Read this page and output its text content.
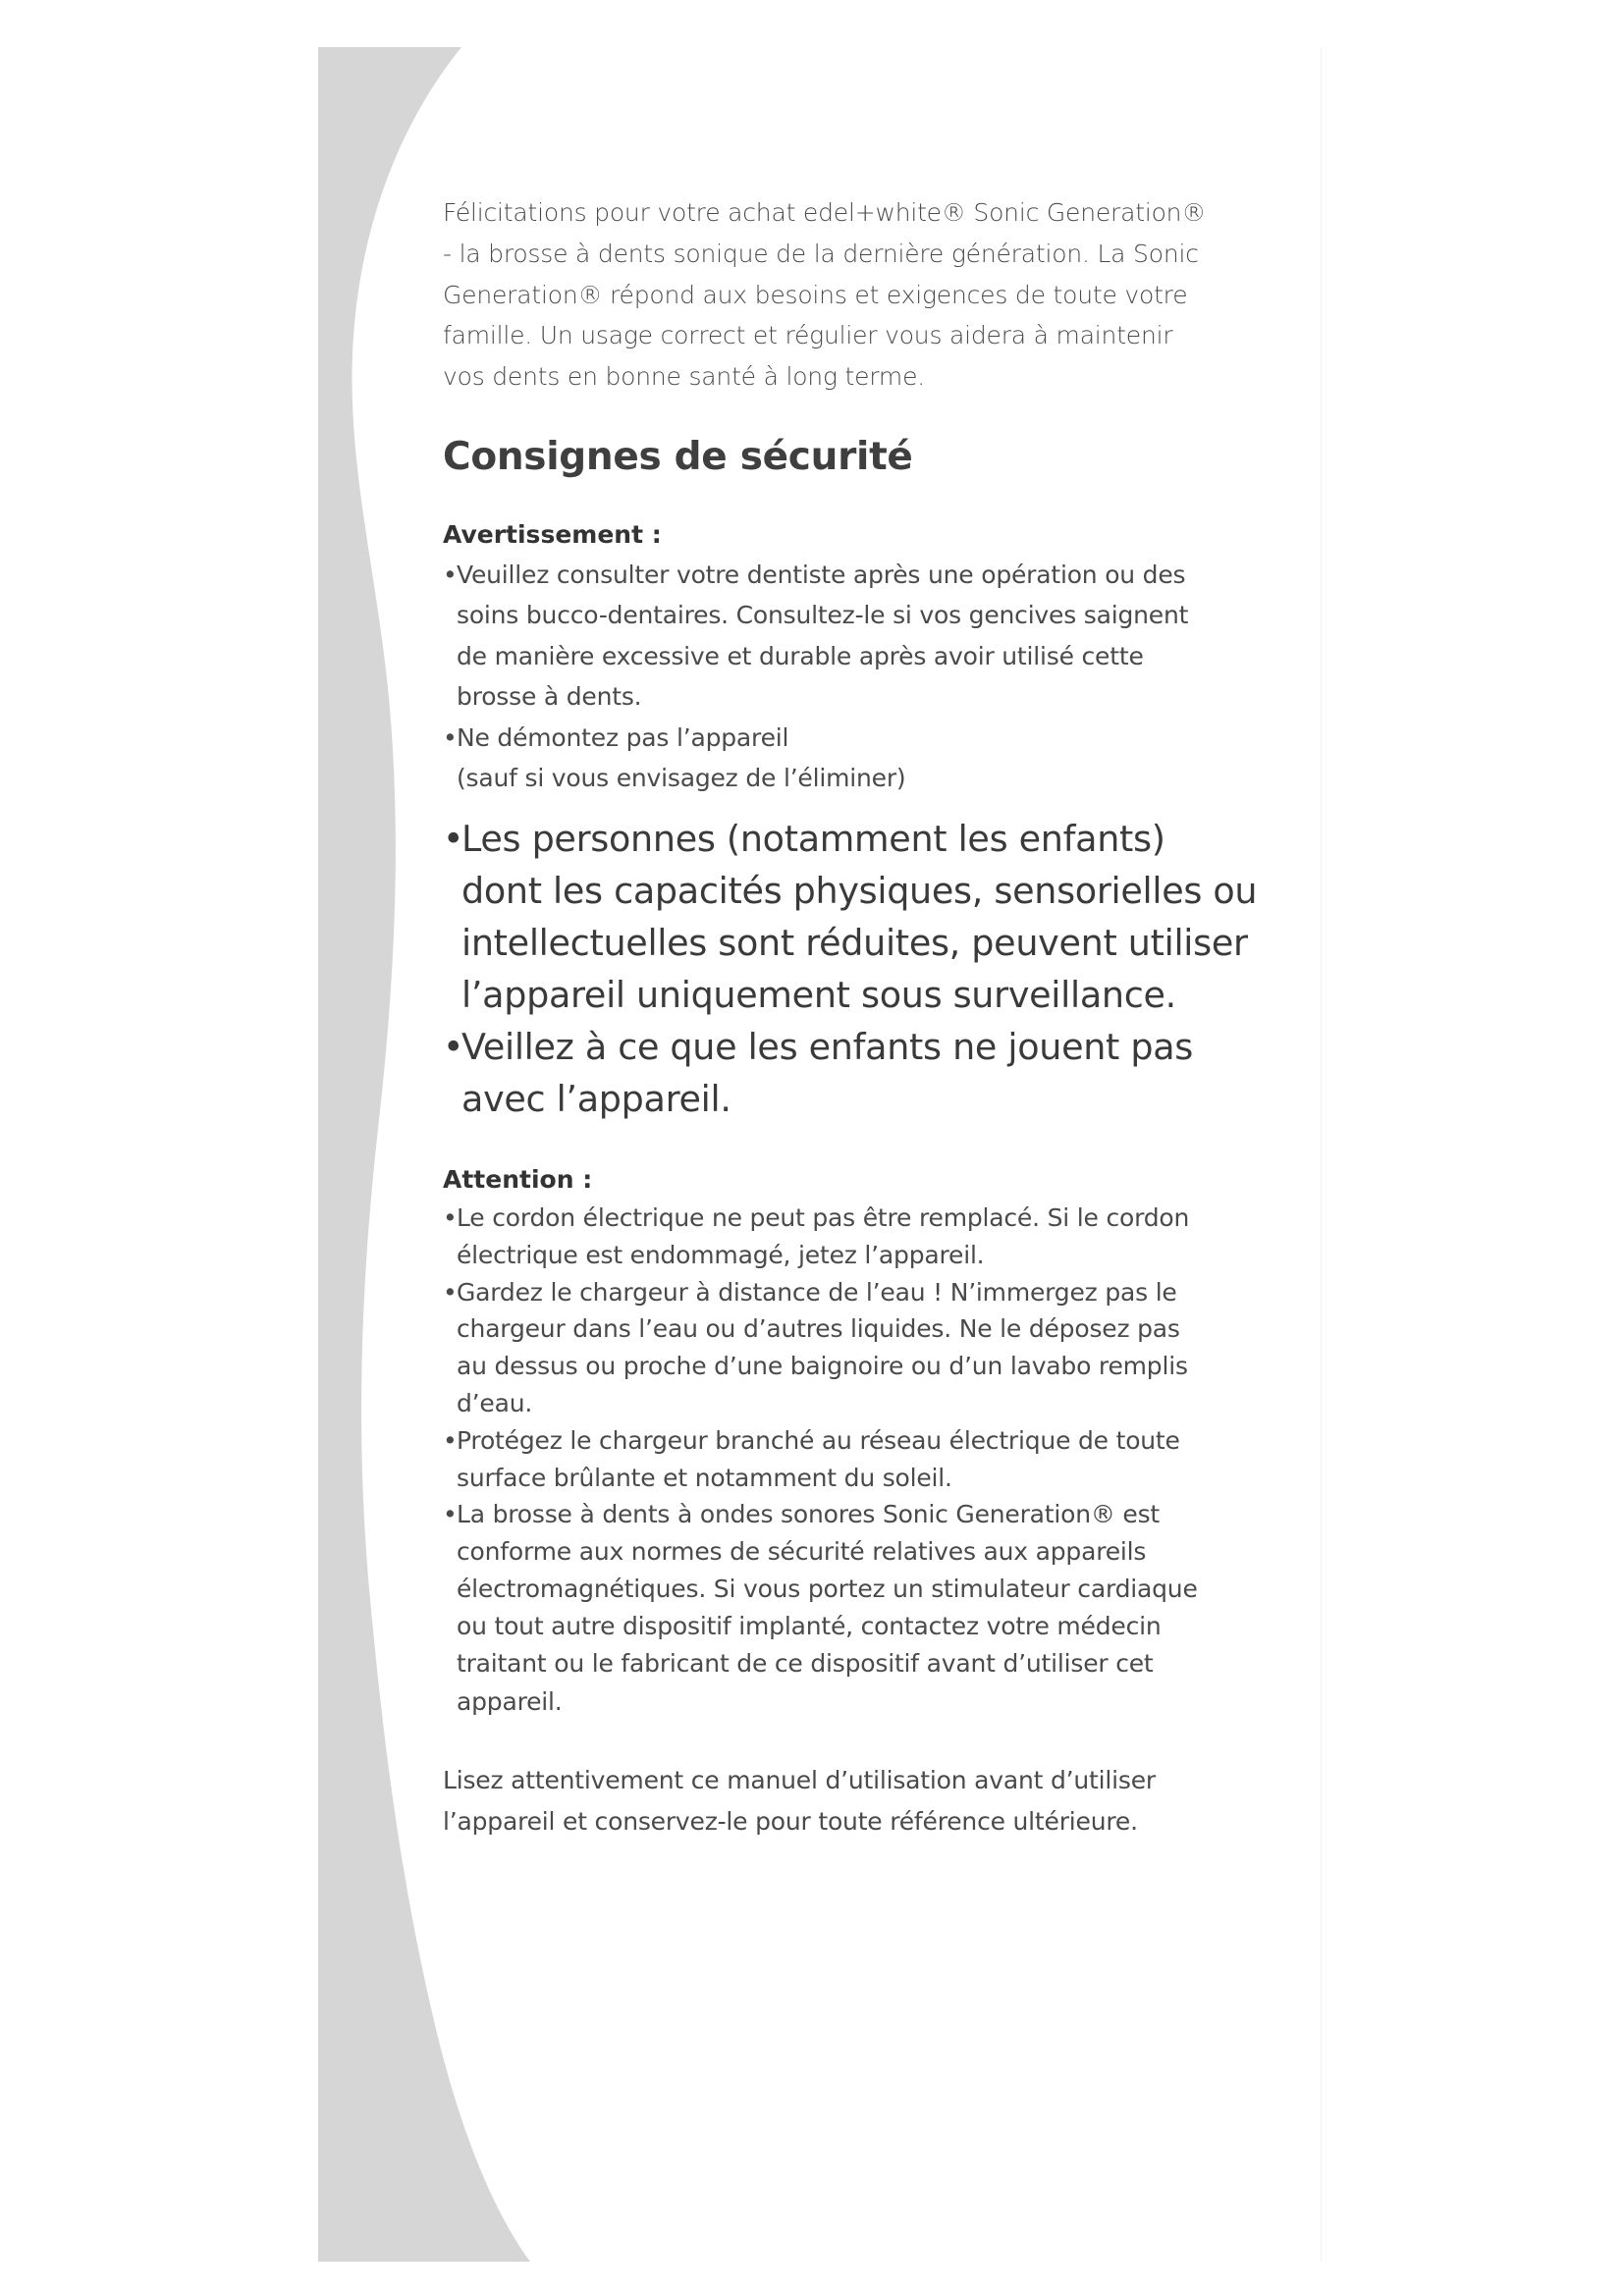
Félicitations pour votre achat edel+white® Sonic Generation®
- la brosse à dents sonique de la dernière génération. La Sonic
Generation® répond aux besoins et exigences de toute votre
famille. Un usage correct et régulier vous aidera à maintenir
vos dents en bonne santé à long terme.

Consignes de sécurité
Avertissement :
• Veuillez consulter votre dentiste après une opération ou des
soins bucco-dentaires. Consultez-le si vos gencives saignent
de manière excessive et durable après avoir utilisé cette
brosse à dents.
• Ne démontez pas l’appareil
(sauf si vous envisagez de l’éliminer)
•
Les personnes (notamment les enfants)
dont les capacités physiques, sensorielles ou
intellectuelles sont réduites, peuvent utiliser
l’appareil uniquement sous surveillance.
•
Veillez à ce que les enfants ne jouent pas
avec l’appareil.
Attention :
• Le cordon électrique ne peut pas être remplacé. Si le cordon
électrique est endommagé, jetez l’appareil.
• Gardez le chargeur à distance de l’eau ! N’immergez pas le
chargeur dans l’eau ou d’autres liquides. Ne le déposez pas
au dessus ou proche d’une baignoire ou d’un lavabo remplis
d’eau.
• Protégez le chargeur branché au réseau électrique de toute
surface brûlante et notamment du soleil.
• La brosse à dents à ondes sonores Sonic Generation® est
conforme aux normes de sécurité relatives aux appareils
électromagnétiques. Si vous portez un stimulateur cardiaque
ou tout autre dispositif implanté, contactez votre médecin
traitant ou le fabricant de ce dispositif avant d’utiliser cet
appareil.

Lisez attentivement ce manuel d’utilisation avant d’utiliser
l’appareil et conservez-le pour toute référence ultérieure.
